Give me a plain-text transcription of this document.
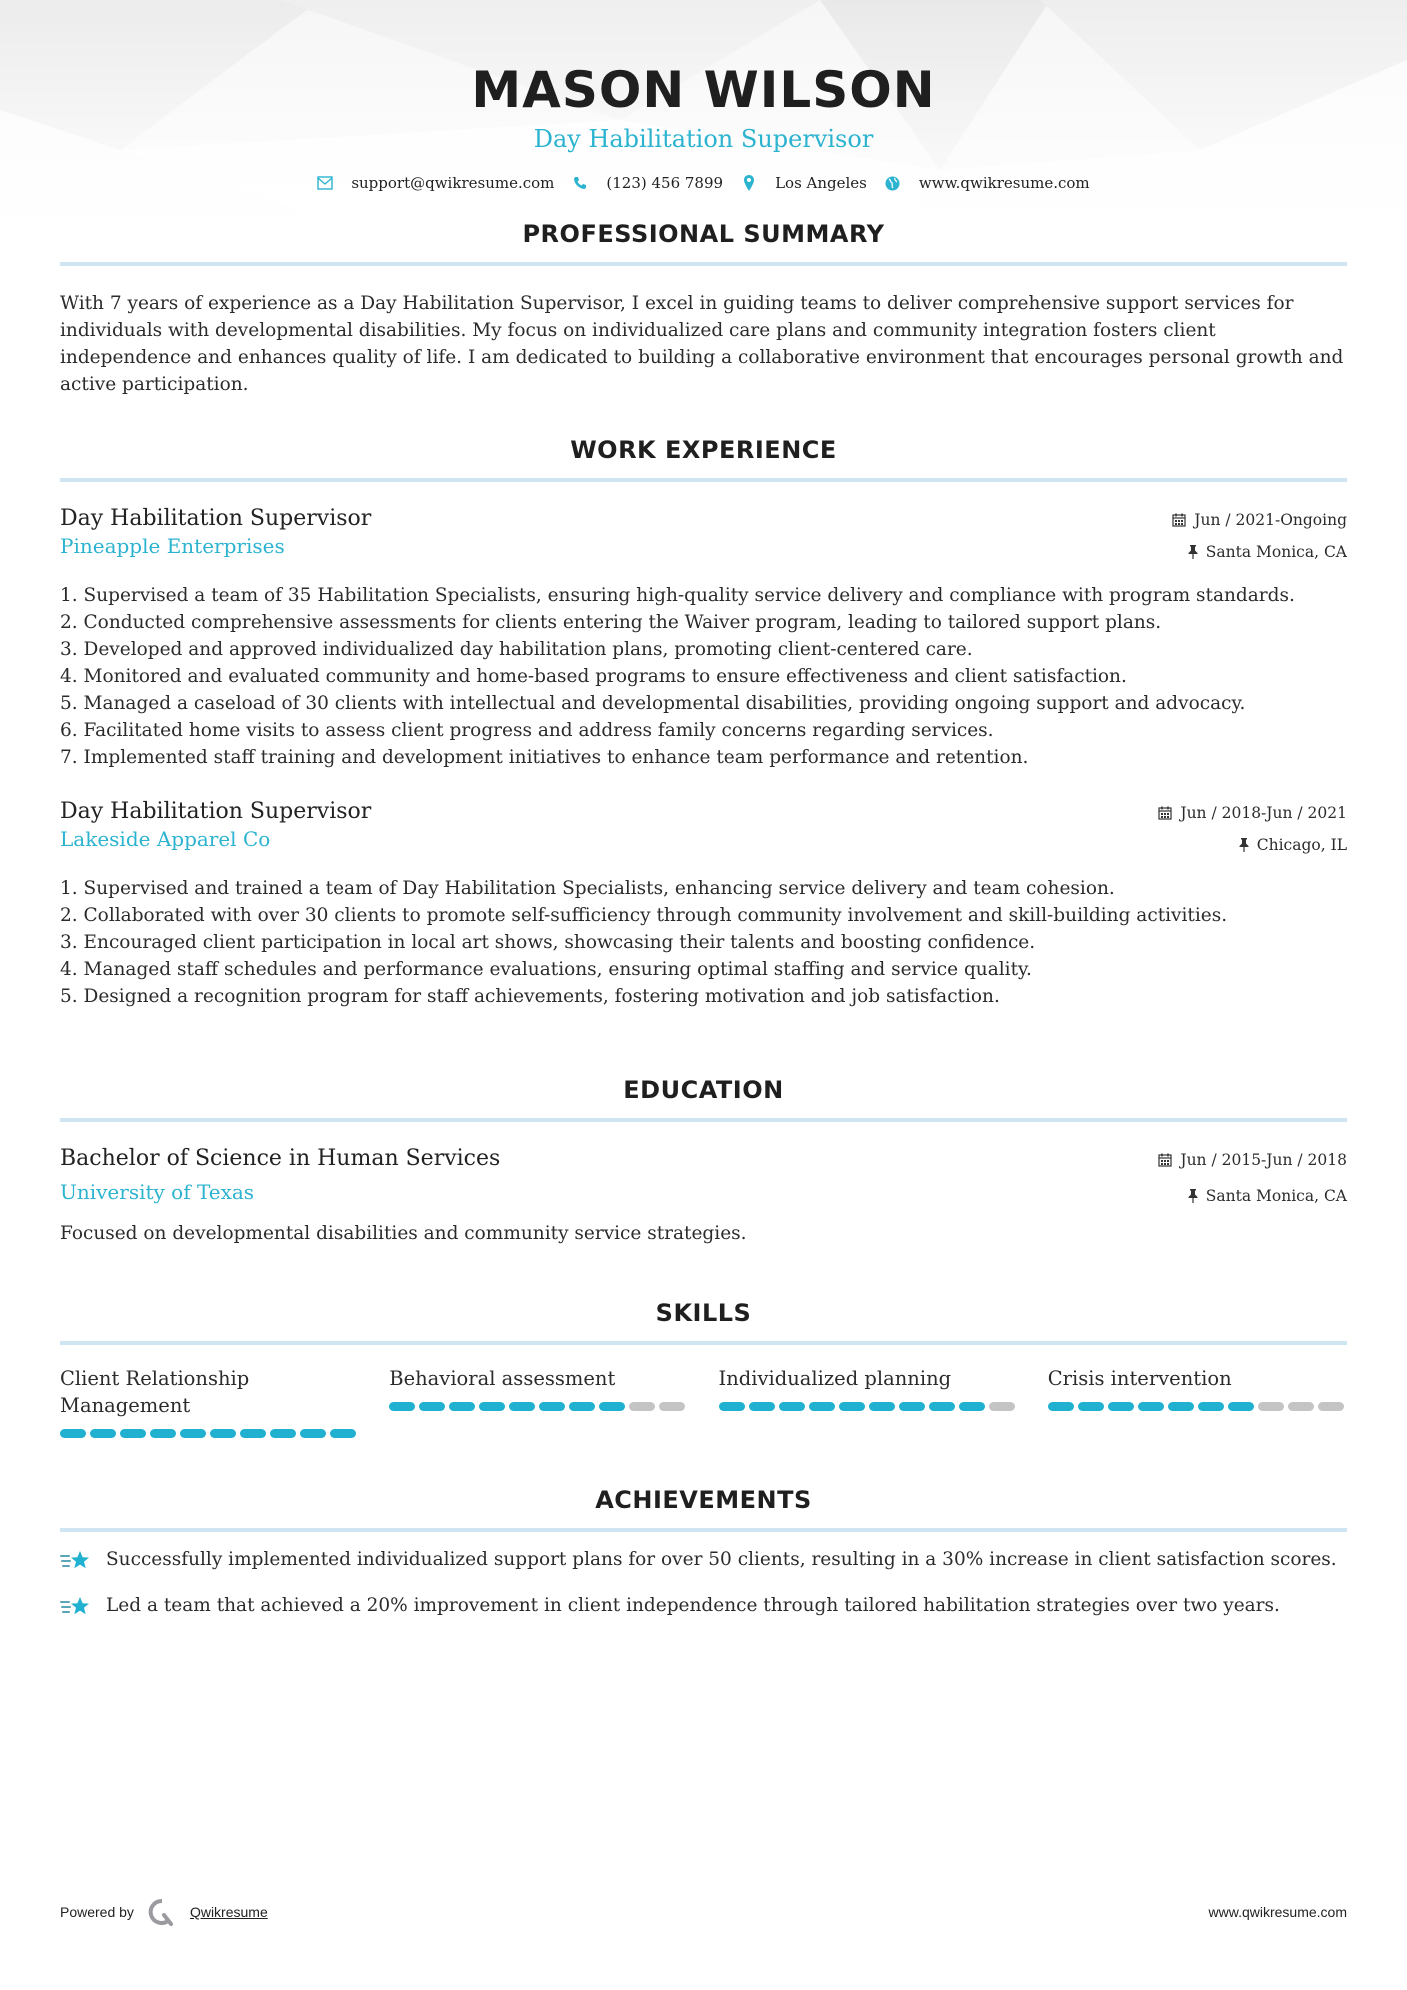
MASON WILSON
Day Habilitation Supervisor
support@qwikresume.com	(123) 456 7899	Los Angeles	www.qwikresume.com
PROFESSIONAL SUMMARY

With 7 years of experience as a Day Habilitation Supervisor, I excel in guiding teams to deliver comprehensive support services for individuals with developmental disabilities. My focus on individualized care plans and community integration fosters client independence and enhances quality of life. I am dedicated to building a collaborative environment that encourages personal growth and active participation.

WORK EXPERIENCE
Day Habilitation Supervisor
Pineapple Enterprises
Jun / 2021-Ongoing
Santa Monica, CA
1. Supervised a team of 35 Habilitation Specialists, ensuring high-quality service delivery and compliance with program standards.
2. Conducted comprehensive assessments for clients entering the Waiver program, leading to tailored support plans.
3. Developed and approved individualized day habilitation plans, promoting client-centered care.
4. Monitored and evaluated community and home-based programs to ensure effectiveness and client satisfaction.
5. Managed a caseload of 30 clients with intellectual and developmental disabilities, providing ongoing support and advocacy.
6. Facilitated home visits to assess client progress and address family concerns regarding services.
7. Implemented staff training and development initiatives to enhance team performance and retention.
Day Habilitation Supervisor
Lakeside Apparel Co
Jun / 2018-Jun / 2021
Chicago, IL
1. Supervised and trained a team of Day Habilitation Specialists, enhancing service delivery and team cohesion.
2. Collaborated with over 30 clients to promote self-sufficiency through community involvement and skill-building activities.
3. Encouraged client participation in local art shows, showcasing their talents and boosting confidence.
4. Managed staff schedules and performance evaluations, ensuring optimal staffing and service quality.
5. Designed a recognition program for staff achievements, fostering motivation and job satisfaction.
EDUCATION
Bachelor of Science in Human Services
University of Texas
Jun / 2015-Jun / 2018
Santa Monica, CA

Focused on developmental disabilities and community service strategies.

SKILLS
Client Relationship Management
Behavioral assessment	Individualized planning	Crisis intervention
ACHIEVEMENTS
Successfully implemented individualized support plans for over 50 clients, resulting in a 30% increase in client satisfaction scores.
Led a team that achieved a 20% improvement in client independence through tailored habilitation strategies over two years.
Powered by	Qwikresume	www.qwikresume.com
